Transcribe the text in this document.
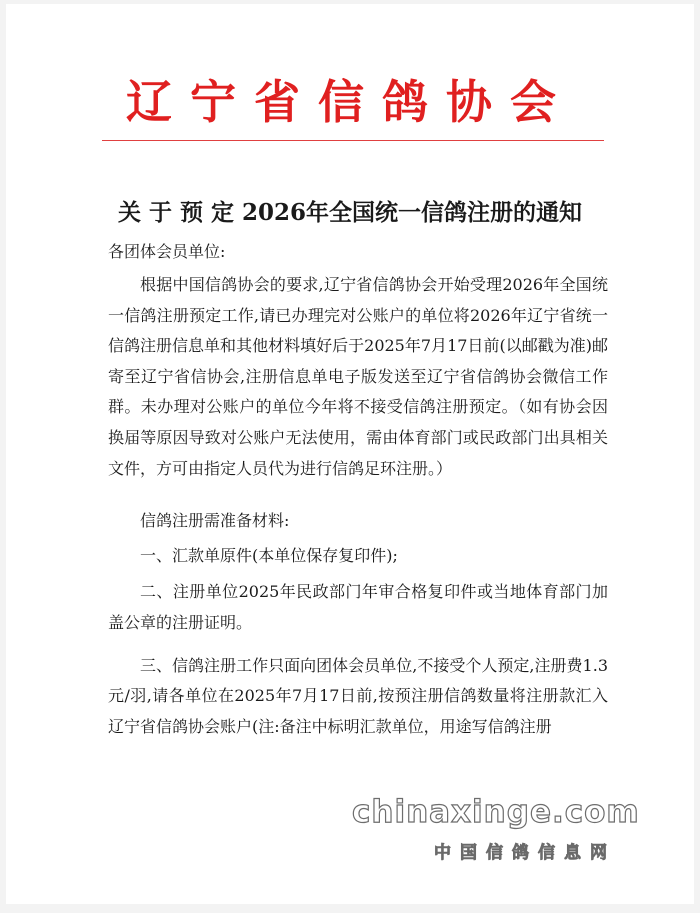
辽宁省信鸽协会
关 于 预 定 2026年全国统一信鸽注册的通知
各团体会员单位:

根据中国信鸽协会的要求,辽宁省信鸽协会开始受理2026年全国统一信鸽注册预定工作,请已办理完对公账户的单位将2026年辽宁省统一信鸽注册信息单和其他材料填好后于2025年7月17日前(以邮戳为准)邮寄至辽宁省信协会,注册信息单电子版发送至辽宁省信鸽协会微信工作群。未办理对公账户的单位今年将不接受信鸽注册预定。（如有协会因换届等原因导致对公账户无法使用，需由体育部门或民政部门出具相关文件，方可由指定人员代为进行信鸽足环注册。）

信鸽注册需准备材料:

一、汇款单原件(本单位保存复印件);

二、注册单位2025年民政部门年审合格复印件或当地体育部门加盖公章的注册证明。

三、信鸽注册工作只面向团体会员单位,不接受个人预定,注册费1.3元/羽,请各单位在2025年7月17日前,按预注册信鸽数量将注册款汇入辽宁省信鸽协会账户(注:备注中标明汇款单位，用途写信鸽注册

chinaxinge.com
中国信鸽信息网
